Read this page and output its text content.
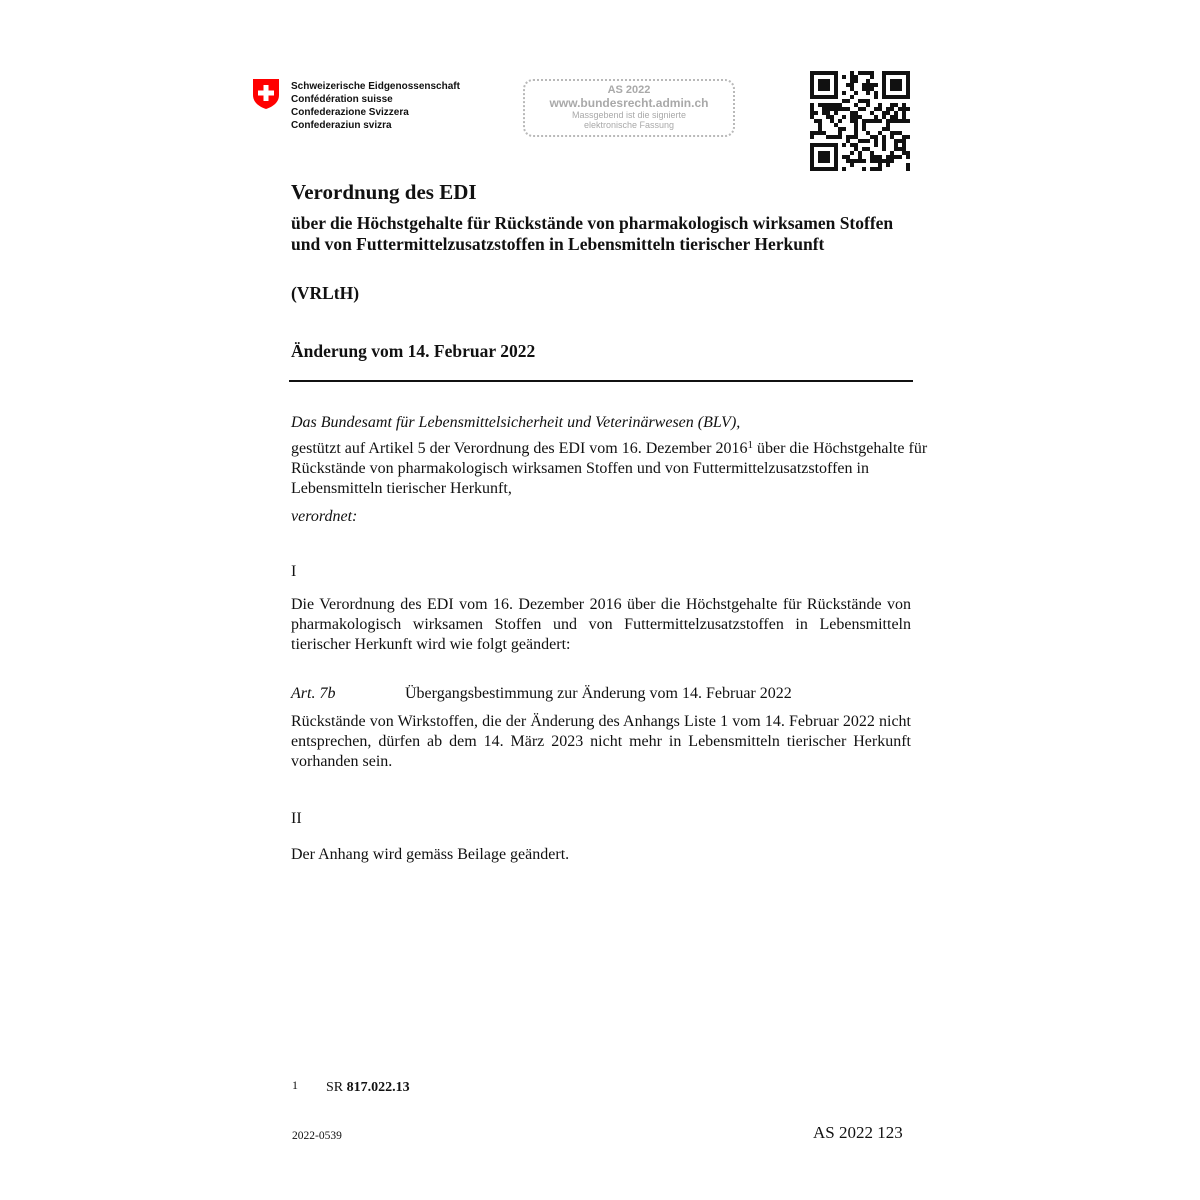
Schweizerische Eidgenossenschaft
Confédération suisse
Confederazione Svizzera
Confederaziun svizra
AS 2022
www.bundesrecht.admin.ch
Massgebend ist die signierte
elektronische Fassung
Verordnung des EDI
über die Höchstgehalte für Rückstände von pharmakologisch wirksamen Stoffen und von Futtermittelzusatzstoffen in Lebensmitteln tierischer Herkunft
(VRLtH)
Änderung vom 14. Februar 2022
Das Bundesamt für Lebensmittelsicherheit und Veterinärwesen (BLV),
gestützt auf Artikel 5 der Verordnung des EDI vom 16. Dezember 2016$^1$ über die Höchstgehalte für Rückstände von pharmakologisch wirksamen Stoffen und von Futtermittelzusatzstoffen in Lebensmitteln tierischer Herkunft,
verordnet:
I
Die Verordnung des EDI vom 16. Dezember 2016 über die Höchstgehalte für Rückstände von pharmakologisch wirksamen Stoffen und von Futtermittelzusatzstoffen in Lebensmitteln tierischer Herkunft wird wie folgt geändert:
Art. 7b	Übergangsbestimmung zur Änderung vom 14. Februar 2022
Rückstände von Wirkstoffen, die der Änderung des Anhangs Liste 1 vom 14. Februar 2022 nicht entsprechen, dürfen ab dem 14. März 2023 nicht mehr in Lebensmitteln tierischer Herkunft vorhanden sein.
II
Der Anhang wird gemäss Beilage geändert.
1 SR 817.022.13
2022-0539	AS 2022 123
